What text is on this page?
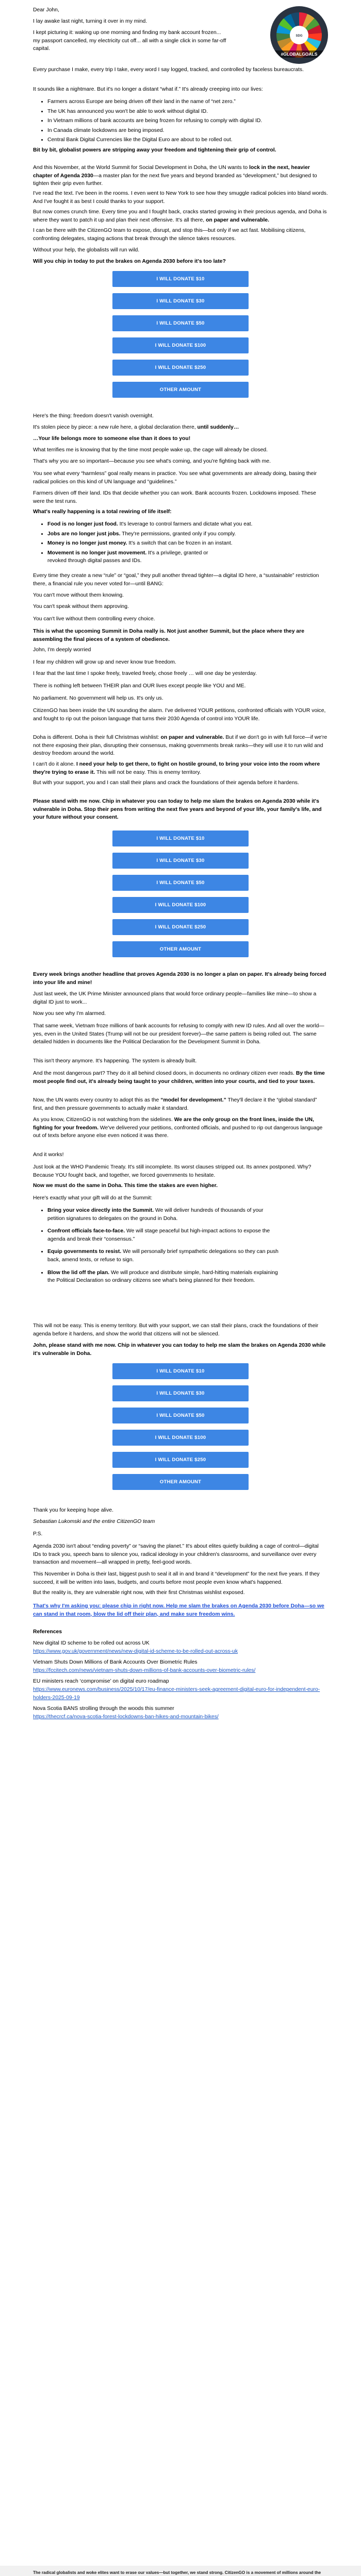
Dear John,

I lay awake last night, turning it over in my mind.

I kept picturing it: waking up one morning and finding my bank account frozen... my passport cancelled, my electricity cut off... all with a single click in some far-off capital.

SDG
#GLOBALGOALS

Every purchase I make, every trip I take, every word I say logged, tracked, and controlled by faceless bureaucrats.

It sounds like a nightmare. But it's no longer a distant “what if.” It's already creeping into our lives:

• Farmers across Europe are being driven off their land in the name of “net zero.”
• The UK has announced you won't be able to work without digital ID.
• In Vietnam millions of bank accounts are being frozen for refusing to comply with digital ID.
• In Canada climate lockdowns are being imposed.
• Central Bank Digital Currencies like the Digital Euro are about to be rolled out.

Bit by bit, globalist powers are stripping away your freedom and tightening their grip of control.

And this November, at the World Summit for Social Development in Doha, the UN wants to lock in the next, heavier chapter of Agenda 2030—a master plan for the next five years and beyond branded as “development,” but designed to tighten their grip even further.

I've read the text. I've been in the rooms. I even went to New York to see how they smuggle radical policies into bland words. And I've fought it as best I could thanks to your support.

But now comes crunch time. Every time you and I fought back, cracks started growing in their precious agenda, and Doha is where they want to patch it up and plan their next offensive. It's all there, on paper and vulnerable.

I can be there with the CitizenGO team to expose, disrupt, and stop this—but only if we act fast. Mobilising citizens, confronting delegates, staging actions that break through the silence takes resources.

Without your help, the globalists will run wild.

Will you chip in today to put the brakes on Agenda 2030 before it's too late?

I WILL DONATE $10
I WILL DONATE $30
I WILL DONATE $50
I WILL DONATE $100
I WILL DONATE $250
OTHER AMOUNT

Here's the thing: freedom doesn't vanish overnight.

It's stolen piece by piece: a new rule here, a global declaration there, until suddenly…

…Your life belongs more to someone else than it does to you!

What terrifies me is knowing that by the time most people wake up, the cage will already be closed.

That's why you are so important—because you see what's coming, and you're fighting back with me.

You see what every “harmless” goal really means in practice. You see what governments are already doing, basing their radical policies on this kind of UN language and “guidelines.”

Farmers driven off their land. IDs that decide whether you can work. Bank accounts frozen. Lockdowns imposed. These were the test runs.

What's really happening is a total rewiring of life itself:

• Food is no longer just food. It's leverage to control farmers and dictate what you eat.
• Jobs are no longer just jobs. They're permissions, granted only if you comply.
• Money is no longer just money. It's a switch that can be frozen in an instant.
• Movement is no longer just movement. It's a privilege, granted or revoked through digital passes and IDs.

Every time they create a new “rule” or “goal,” they pull another thread tighter—a digital ID here, a “sustainable” restriction there, a financial rule you never voted for—until BANG:

You can't move without them knowing.

You can't speak without them approving.

You can't live without them controlling every choice.

This is what the upcoming Summit in Doha really is. Not just another Summit, but the place where they are assembling the final pieces of a system of obedience.

John, I'm deeply worried

I fear my children will grow up and never know true freedom.

I fear that the last time I spoke freely, traveled freely, chose freely … will one day be yesterday.

There is nothing left between THEIR plan and OUR lives except people like YOU and ME.

No parliament. No government will help us. It's only us.

CitizenGO has been inside the UN sounding the alarm. I've delivered YOUR petitions, confronted officials with YOUR voice, and fought to rip out the poison language that turns their 2030 Agenda of control into YOUR life.

Doha is different. Doha is their full Christmas wishlist: on paper and vulnerable. But if we don't go in with full force—if we're not there exposing their plan, disrupting their consensus, making governments break ranks—they will use it to run wild and destroy freedom around the world.

I can't do it alone. I need your help to get there, to fight on hostile ground, to bring your voice into the room where they're trying to erase it. This will not be easy. This is enemy territory.

But with your support, you and I can stall their plans and crack the foundations of their agenda before it hardens.

Please stand with me now. Chip in whatever you can today to help me slam the brakes on Agenda 2030 while it's vulnerable in Doha. Stop their pens from writing the next five years and beyond of your life, your family's life, and your future without your consent.

I WILL DONATE $10
I WILL DONATE $30
I WILL DONATE $50
I WILL DONATE $100
I WILL DONATE $250
OTHER AMOUNT

Every week brings another headline that proves Agenda 2030 is no longer a plan on paper. It's already being forced into your life and mine!

Just last week, the UK Prime Minister announced plans that would force ordinary people—families like mine—to show a digital ID just to work...

Now you see why I'm alarmed.

That same week, Vietnam froze millions of bank accounts for refusing to comply with new ID rules. And all over the world—yes, even in the United States (Trump will not be our president forever)—the same pattern is being rolled out. The same detailed hidden in documents like the Political Declaration for the Development Summit in Doha.

This isn't theory anymore. It's happening. The system is already built.

And the most dangerous part? They do it all behind closed doors, in documents no ordinary citizen ever reads. By the time most people find out, it's already being taught to your children, written into your courts, and tied to your taxes.

Now, the UN wants every country to adopt this as the “model for development.” They'll declare it the “global standard” first, and then pressure governments to actually make it standard.

As you know, CitizenGO is not watching from the sidelines. We are the only group on the front lines, inside the UN, fighting for your freedom. We've delivered your petitions, confronted officials, and pushed to rip out dangerous language out of texts before anyone else even noticed it was there.

And it works!

Just look at the WHO Pandemic Treaty. It's still incomplete. Its worst clauses stripped out. Its annex postponed. Why? Because YOU fought back, and together, we forced governments to hesitate.

Now we must do the same in Doha. This time the stakes are even higher.

Here's exactly what your gift will do at the Summit:

• Bring your voice directly into the Summit. We will deliver hundreds of thousands of your petition signatures to delegates on the ground in Doha.
• Confront officials face-to-face. We will stage peaceful but high-impact actions to expose the agenda and break their “consensus.”
• Equip governments to resist. We will personally brief sympathetic delegations so they can push back, amend texts, or refuse to sign.
• Blow the lid off the plan. We will produce and distribute simple, hard-hitting materials explaining the Political Declaration so ordinary citizens see what's being planned for their freedom.

This will not be easy. This is enemy territory. But with your support, we can stall their plans, crack the foundations of their agenda before it hardens, and show the world that citizens will not be silenced.

John, please stand with me now. Chip in whatever you can today to help me slam the brakes on Agenda 2030 while it's vulnerable in Doha.

I WILL DONATE $10
I WILL DONATE $30
I WILL DONATE $50
I WILL DONATE $100
I WILL DONATE $250
OTHER AMOUNT

Thank you for keeping hope alive.

Sebastian Lukomski and the entire CitizenGO team

P.S.

Agenda 2030 isn't about “ending poverty” or “saving the planet.” It's about elites quietly building a cage of control—digital IDs to track you, speech bans to silence you, radical ideology in your children's classrooms, and surveillance over every transaction and movement—all wrapped in pretty, feel-good words.

This November in Doha is their last, biggest push to seal it all in and brand it “development” for the next five years. If they succeed, it will be written into laws, budgets, and courts before most people even know what's happened.

But the reality is, they are vulnerable right now, with their first Christmas wishlist exposed.

That's why I'm asking you: please chip in right now. Help me slam the brakes on Agenda 2030 before Doha—so we can stand in that room, blow the lid off their plan, and make sure freedom wins.

References

New digital ID scheme to be rolled out across UK

https://www.gov.uk/government/news/new-digital-id-scheme-to-be-rolled-out-across-uk

Vietnam Shuts Down Millions of Bank Accounts Over Biometric Rules

https://fccitech.com/news/vietnam-shuts-down-millions-of-bank-accounts-over-biometric-rules/

EU ministers reach ‘compromise’ on digital euro roadmap

https://www.euronews.com/business/2025/10/17/eu-finance-ministers-seek-agreement-digital-euro-for-independent-euro-holders-2025-09-19

Nova Scotia BANS strolling through the woods this summer

https://thecrcf.ca/nova-scotia-forest-lockdowns-ban-hikes-and-mountain-bikes/

The radical globalists and woke elites want to erase our values—but together, we stand strong. CitizenGO is a movement of millions around the
